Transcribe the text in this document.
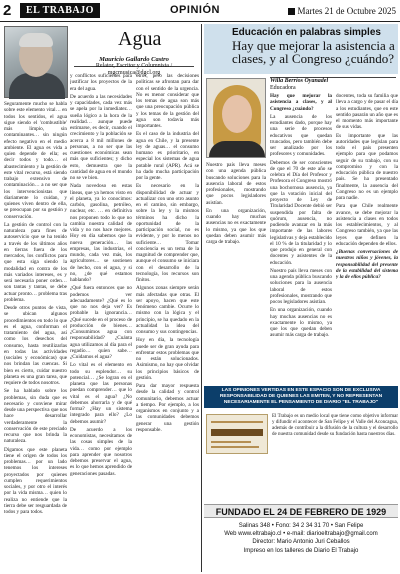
2	EL TRABAJO	OPINIÓN	Martes 21 de Octubre 2025
Agua
Mauricio Gallardo Castro
Relator, Escritor y Columnista / mgcmusica@dgcl.org

Seguramente mucho se habla sobre este elemento vital… en todos los sentidos, el agua sigue siendo el 'combustible' más limpio, sin contaminantes… sin ningún efecto negativo en el medio ambiente. El agua es vida a quien depende de ella; es decir todos y todo… el abastecimiento y la gestión de este vital recurso, está siendo trabajo extensivo de contaminación… a no ser que los intervencionistas que diariamente lo cuidan, y quienes viven dentro de ella, se preocupan por su gestión y conservación.

La gestión de control con la naturaleza para fines de autoservicio que se ha tenido a través de los últimos años en tierras fuera de los mercados, los conflictos para que esta siga siendo la modalidad en contra de los más variados intereses, es y será necesaria poner orden… son tantas y tantas, se debe actuar pronto… problema tras problema.

Desde otros puntos de vista, se ubican algunos procedimientos en todo lo que es el agua, conforman el tratamiento del agua, así como los desechos del consumo, hasta reutilizarlas en todas las actividades (sociales y económicas) que nos brindan las cuencas. Si bien es cierto, cuidar nuestro planeta es una gran tarea, que requiere de todos nosotros.

Se ha hablado sobre los problemas, sin duda que es necesario y conviene mirar desde una perspectiva que nos hace desarrollar verdaderamente la conservación de este preciado recurso que nos brinda la naturaleza.

Digamos que este planeta tiene el origen de todos los problemas… por un lado tenemos los intereses proyectados por quienes cumplen requerimientos sociales, y por otro el interés por la vida misma… quien lo realiza no entiende que la tierra debe ser resguardada de todos y para todos.

y conflictos suficientes para justificar los proyectos de la era del agua.

De acuerdo a las necesidades y capacidades, cada vez más se apela por la inmediatez… sueña lógico a la hora de la realidad… aunque puede estimarse, es decir, cuando el crecimiento y la población se acerca a 8 mil millones de personas, a no ser que las cuestiones económicas sean más que suficientes; y dicho esto, demuestra que la cantidad de agua en el mundo no se ve bien.

Nada novedoso en estas líneas, que ya hemos visto en el planeta, ya lo conocimos: carbón, gasolina, petróleo, nuclear, etc. … en definitiva nos proponen todo lo que no cambia nuestra calidad de vida y no nos hace mejores. Hoy en día sabemos que la nueva generación… las empresas, las industrias, el mundo, cada vez más, los agricultores… se sostienen de hecho, con el agua, y si no, ¿de qué estamos hablando?

¿Qué fuera entonces que no podemos ver adecuadamente? ¿Qué es lo que no nos deja ver? Es probable la ignorancia… ¿Qué sucede en el proceso de producción de bienes… ¿Consumimos agua con responsabilidad? ¿Cuánta agua utilizamos al día para el regadío… quien sabe… ¿Cuidamos el agua?

Lo vital es el elemento en todo su esplendor… su potencial… ¿Se logran en el planeta que las personas puedan comprender… que lo vital es el agua? ¿No debemos ahorrarla y de qué forma? ¿Hay un sistema integrado para ello? ¿Lo debemos asumir?

De acuerdo a los economistas, necesitamos de las cosas simples de la vida… como por ejemplo para aprender que nosotros debemos preservar el agua, es lo que hemos aprendido de generaciones pasadas.

otros, pero las decisiones políticas se afrontan para dar con el sentido de la urgencia. No es menor considerar que los temas de agua son más que una preocupación pública y los temas de la gestión del agua son todavía más importantes.

Es el caso de la industria del agua en Chile, y la presente ley de aguas… el consumo humano es prioritario, en especial los sistemas de agua potable rural (APR). Acá se ha dado mucha participación por la gente.

Es necesario en la disponibilidad de actuar y actualizar con uno otro asunto en el camino, sin embargo, sobre la ley y la mismos términos ha dicho la oportunidad de la participación social, no es evidente, y por lo menos no suficiente… Tomar conciencia es un tema de la magnitud de comprender que, aunque el consumo se iniciara con el desarrollo de la tecnología, los recursos son finitos.

Algunos zonas siempre serán más afectadas que otras. El ser apoyo, hacen que este fenómeno cambie. Ocurre lo mismo con la lógica y el principio, se ha quedado en la actualidad la idea del consumo y sus contingencias.

Hoy en día, la tecnología puede ser de gran ayuda para enfrentar estos problemas que no están solucionados. Asimismo, no hay que olvidar los principios básicos de gestión.

Para dar mayor respuesta desde la calidad y control comunitario, debemos actuar a tiempo. Por ejemplo, a los organismos en conjunto y a las comunidades debemos generar una gestión responsable.

Educación en palabras simples
Hay que mejorar la asistencia a clases, y al Congreso ¿cuándo?
Willa Berrios Oyanadel
Educadora

Hay que mejorar la asistencia a clases, y al Congreso ¿cuándo?

La ausencia de los estudiantes dado, porque hay una serie de procesos educativos que quedan truncados, pero también debe ser analizado por los profesores y comunidades.

Debemos de ser conscientes de que el 70 de este año se celebra el Día del Profesor y Profesora el Congreso mostró una bochornosa ausencia, ya que la votación inicial del proyecto de Ley de Titularidad Docente debió ser suspendida por falta de quórum, ausencia, no pudiendo avanzar en la más importante de las labores legislativas y deja establecido el 10 % de la titularidad y lo que produjo en general con docentes y asistentes de la educación.

Nuestro país lleva meses con una agenda pública buscando soluciones para la ausencia laboral de estos profesionales, mostrando que pocos legisladores asistían.

En una organización, cuando hay muchas ausencias no es exactamente lo mismo, ya que los que quedan deben asumir más carga de trabajo.

Nuestro país lleva meses con una agenda pública buscando soluciones para la ausencia laboral de estos profesionales, mostrando que pocos legisladores asistían.

En una organización, cuando hay muchas ausencias no es exactamente lo mismo, ya que los que quedan deben asumir más carga de trabajo.

docentes, toda su familia que lleva a cargo y de pasar el día a los estudiantes, que en este sentido pasarán un año que es el momento más importante de sus vidas.

Es importante que las autoridades que legislan para todo el país presenten ejemplo para que podamos seguir de su trabajo, con su compromiso y con la educación pública de nuestro país. Se ha presentado finalmente, la ausencia del Congreso no es un ejemplo para nadie.

Para que Chile realmente avance, se debe mejorar la asistencia a clases en todos los establecimientos, y al Congreso también, ya que las leyes que definen la educación dependen de ellos.

¿Buenas conversaciones de nuestros niños y jóvenes, la responsabilidad del presente de la estabilidad del sistema y la de ellos pública?

LAS OPINIONES VERTIDAS EN ESTE ESPACIO SON DE EXCLUSIVA RESPONSABILIDAD DE QUIENES LAS EMITEN, Y NO REPRESENTAN NECESARIAMENTE EL PENSAMIENTO DE DIARIO "EL TRABAJO"
El Trabajo es un medio local que tiene como objetivo informar y difundir el acontecer de San Felipe y el Valle del Aconcagua, además de contribuir a la difusión de la cultura y el desarrollo de nuestra comunidad desde su fundación hasta nuestros días.
FUNDADO EL 24 DE FEBRERO DE 1929
Salinas 348 • Fono: 34 2 34 31 70 • San Felipe
Web www.eltrabajo.cl • e-mail: diarioeltrabajo@gmail.com
Director: Mario Antonio Juri Ceballos
Impreso en los talleres de Diario El Trabajo
